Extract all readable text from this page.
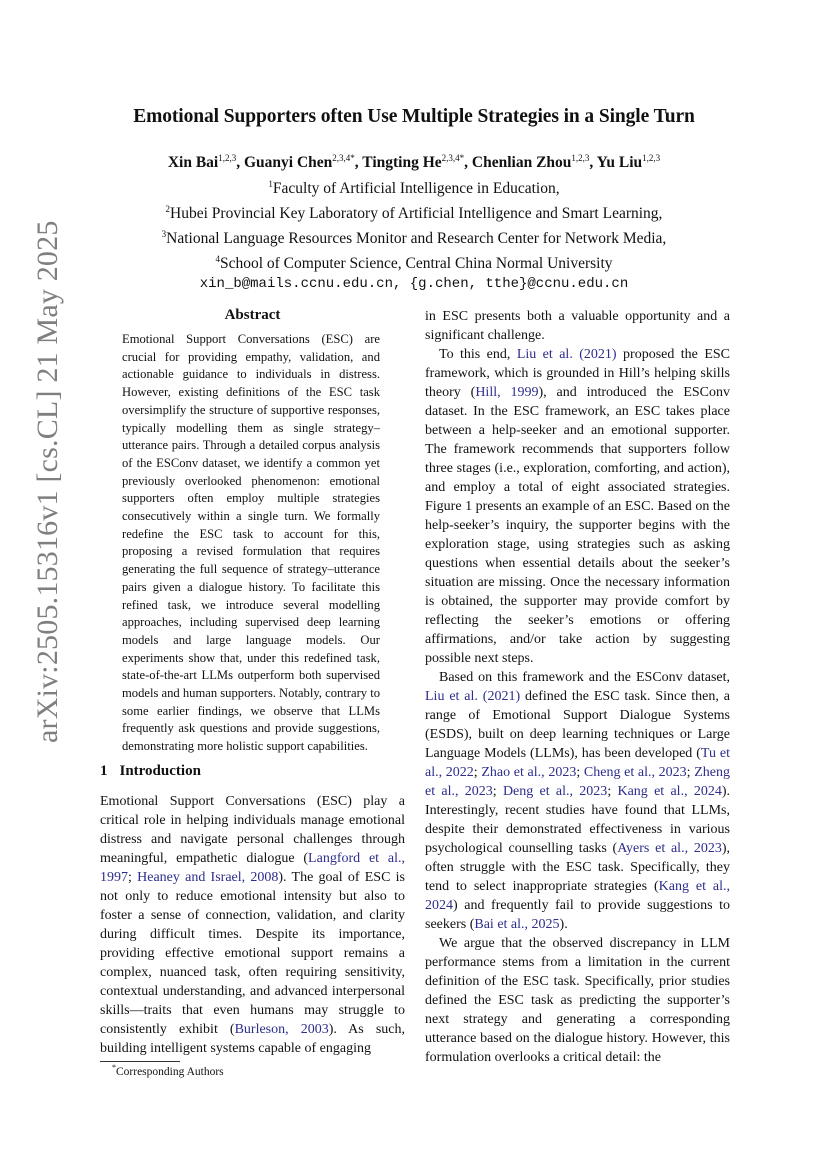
arXiv:2505.15316v1 [cs.CL] 21 May 2025
Emotional Supporters often Use Multiple Strategies in a Single Turn
Xin Bai$^{1,2,3}$, Guanyi Chen$^{2,3,4*}$, Tingting $He^{2,3,4*}$, Chenlian Zhou$^{1,2,3}$, Yu Liu$^{1,2,3}$
$^1$Faculty of Artificial Intelligence in Education,
$^2$Hubei Provincial Key Laboratory of Artificial Intelligence and Smart Learning,
$^3$National Language Resources Monitor and Research Center for Network Media,
$^4$School of Computer Science, Central China Normal University
xin_b@mails.ccnu.edu.cn, {g.chen, tthe}@ccnu.edu.cn
Abstract
Emotional Support Conversations (ESC) are crucial for providing empathy, validation, and actionable guidance to individuals in distress. However, existing definitions of the ESC task oversimplify the structure of supportive responses, typically modelling them as single strategy–utterance pairs. Through a detailed corpus analysis of the ESConv dataset, we identify a common yet previously overlooked phenomenon: emotional supporters often employ multiple strategies consecutively within a single turn. We formally redefine the ESC task to account for this, proposing a revised formulation that requires generating the full sequence of strategy–utterance pairs given a dialogue history. To facilitate this refined task, we introduce several modelling approaches, including supervised deep learning models and large language models. Our experiments show that, under this redefined task, state-of-the-art LLMs outperform both supervised models and human supporters. Notably, contrary to some earlier findings, we observe that LLMs frequently ask questions and provide suggestions, demonstrating more holistic support capabilities.
1 Introduction

Emotional Support Conversations (ESC) play a critical role in helping individuals manage emotional distress and navigate personal challenges through meaningful, empathetic dialogue (Langford et al., 1997; Heaney and Israel, 2008). The goal of ESC is not only to reduce emotional intensity but also to foster a sense of connection, validation, and clarity during difficult times. Despite its importance, providing effective emotional support remains a complex, nuanced task, often requiring sensitivity, contextual understanding, and advanced interpersonal skills—traits that even humans may struggle to consistently exhibit (Burleson, 2003). As such, building intelligent systems capable of engaging

in ESC presents both a valuable opportunity and a significant challenge.

To this end, Liu et al. (2021) proposed the ESC framework, which is grounded in Hill’s helping skills theory (Hill, 1999), and introduced the ESConv dataset. In the ESC framework, an ESC takes place between a help-seeker and an emotional supporter. The framework recommends that supporters follow three stages (i.e., exploration, comforting, and action), and employ a total of eight associated strategies. Figure 1 presents an example of an ESC. Based on the help-seeker’s inquiry, the supporter begins with the exploration stage, using strategies such as asking questions when essential details about the seeker’s situation are missing. Once the necessary information is obtained, the supporter may provide comfort by reflecting the seeker’s emotions or offering affirmations, and/or take action by suggesting possible next steps.

Based on this framework and the ESConv dataset, Liu et al. (2021) defined the ESC task. Since then, a range of Emotional Support Dialogue Systems (ESDS), built on deep learning techniques or Large Language Models (LLMs), has been developed (Tu et al., 2022; Zhao et al., 2023; Cheng et al., 2023; Zheng et al., 2023; Deng et al., 2023; Kang et al., 2024). Interestingly, recent studies have found that LLMs, despite their demonstrated effectiveness in various psychological counselling tasks (Ayers et al., 2023), often struggle with the ESC task. Specifically, they tend to select inappropriate strategies (Kang et al., 2024) and frequently fail to provide suggestions to seekers (Bai et al., 2025).

We argue that the observed discrepancy in LLM performance stems from a limitation in the current definition of the ESC task. Specifically, prior studies defined the ESC task as predicting the supporter’s next strategy and generating a corresponding utterance based on the dialogue history. However, this formulation overlooks a critical detail: the

*Corresponding Authors
